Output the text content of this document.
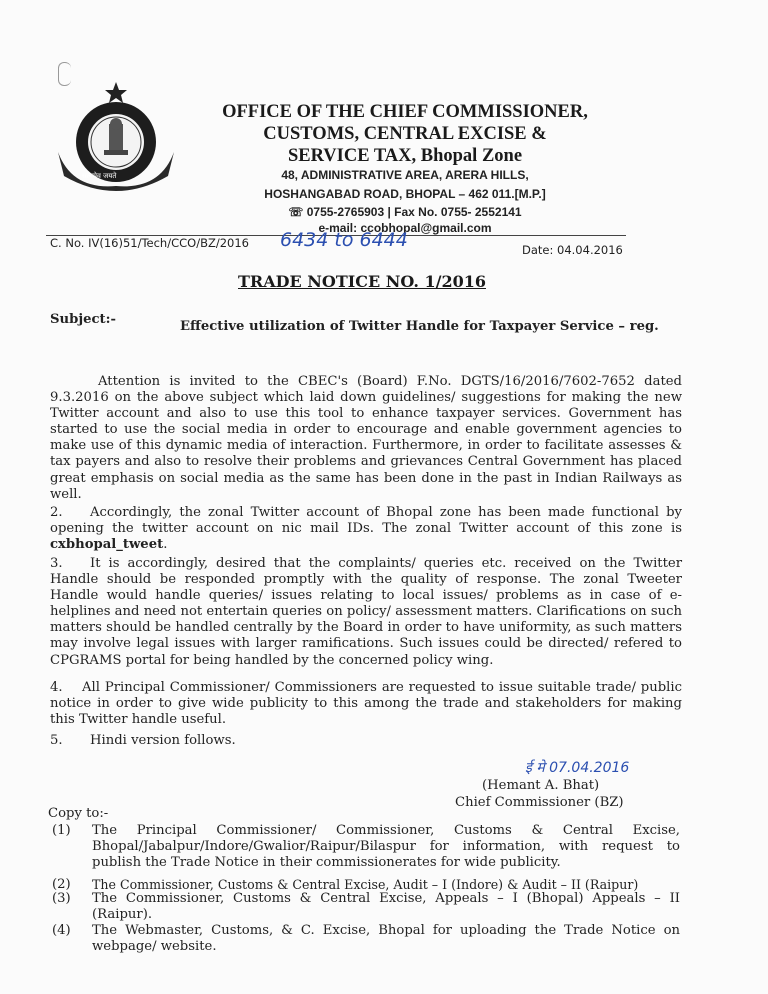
सत्यमेव जयते
OFFICE OF THE CHIEF COMMISSIONER,
CUSTOMS, CENTRAL EXCISE &
SERVICE TAX, Bhopal Zone
48, ADMINISTRATIVE AREA, ARERA HILLS,
HOSHANGABAD ROAD, BHOPAL – 462 011.[M.P.]
☏ 0755-2765903 | Fax No. 0755- 2552141
e-mail: ccobhopal@gmail.com
C. No. IV(16)51/Tech/CCO/BZ/2016 6434 to 6444	Date: 04.04.2016
TRADE NOTICE NO. 1/2016
Subject:-	Effective utilization of Twitter Handle for Taxpayer Service – reg.
Attention is invited to the CBEC's (Board) F.No. DGTS/16/2016/7602-7652 dated 9.3.2016 on the above subject which laid down guidelines/ suggestions for making the new Twitter account and also to use this tool to enhance taxpayer services. Government has started to use the social media in order to encourage and enable government agencies to make use of this dynamic media of interaction. Furthermore, in order to facilitate assesses & tax payers and also to resolve their problems and grievances Central Government has placed great emphasis on social media as the same has been done in the past in Indian Railways as well.
2. Accordingly, the zonal Twitter account of Bhopal zone has been made functional by opening the twitter account on nic mail IDs. The zonal Twitter account of this zone is cxbhopal_tweet.
3. It is accordingly, desired that the complaints/ queries etc. received on the Twitter Handle should be responded promptly with the quality of response. The zonal Tweeter Handle would handle queries/ issues relating to local issues/ problems as in case of e-helplines and need not entertain queries on policy/ assessment matters. Clarifications on such matters should be handled centrally by the Board in order to have uniformity, as such matters may involve legal issues with larger ramifications. Such issues could be directed/ refered to CPGRAMS portal for being handled by the concerned policy wing.
4. All Principal Commissioner/ Commissioners are requested to issue suitable trade/ public notice in order to give wide publicity to this among the trade and stakeholders for making this Twitter handle useful.
5. Hindi version follows.
ई मे 07.04.2016
(Hemant A. Bhat)
Chief Commissioner (BZ)
Copy to:-
(1)	The Principal Commissioner/ Commissioner, Customs & Central Excise, Bhopal/Jabalpur/Indore/Gwalior/Raipur/Bilaspur for information, with request to publish the Trade Notice in their commissionerates for wide publicity.
(2)	The Commissioner, Customs & Central Excise, Audit – I (Indore) & Audit – II (Raipur)
(3)	The Commissioner, Customs & Central Excise, Appeals – I (Bhopal) Appeals – II (Raipur).
(4)	The Webmaster, Customs, & C. Excise, Bhopal for uploading the Trade Notice on webpage/ website.
